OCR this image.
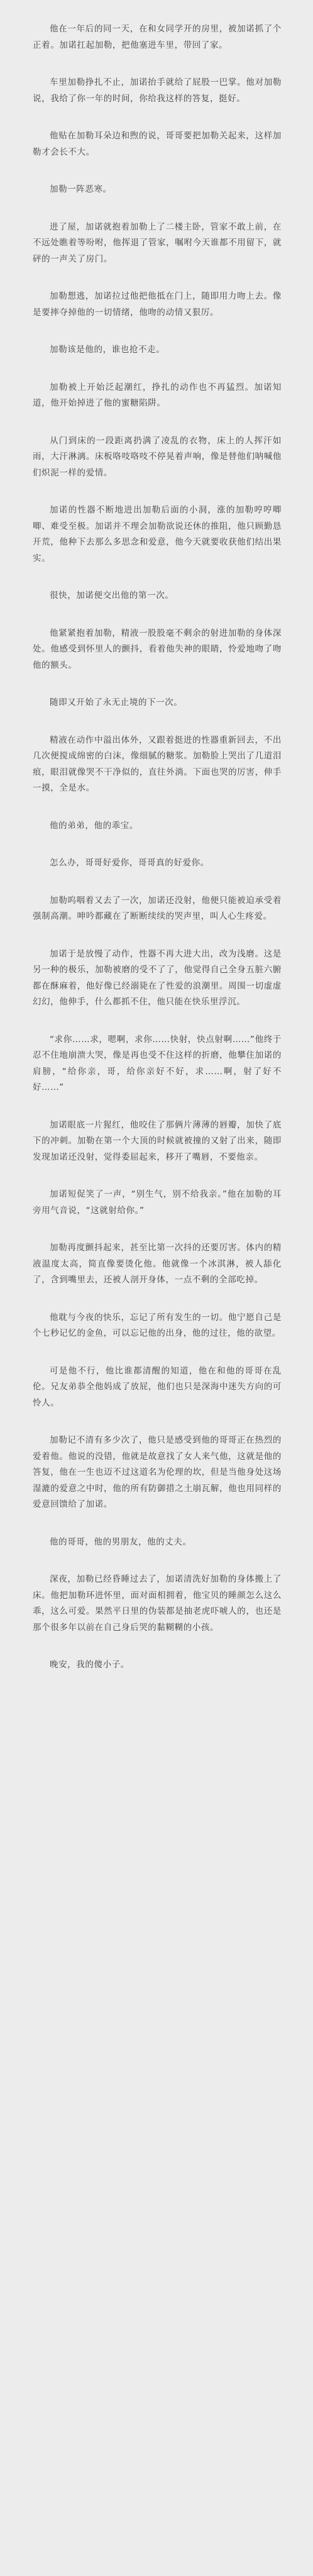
他在一年后的同一天，在和女同学开的房里，被加诺抓了个正着。加诺扛起加勒，把他塞进车里，带回了家。

车里加勒挣扎不止，加诺抬手就给了屁股一巴掌。他对加勒说，我给了你一年的时间，你给我这样的答复，挺好。

他贴在加勒耳朵边和煦的说，哥哥要把加勒关起来，这样加勒才会长不大。

加勒一阵恶寒。

进了屋，加诺就抱着加勒上了二楼主卧，管家不敢上前，在不远处瞧着等吩咐，他挥退了管家，嘱咐今天谁都不用留下，就砰的一声关了房门。

加勒想逃，加诺拉过他把他抵在门上，随即用力吻上去。像是要摔夺掉他的一切情绪，他吻的动情又狠厉。

加勒该是他的，谁也抢不走。

加勒被上开始泛起潮红，挣扎的动作也不再猛烈。加诺知道，他开始掉进了他的蜜糖陷阱。

从门到床的一段距离扔满了凌乱的衣物，床上的人挥汗如雨，大汗淋漓。床板咯吱咯吱不停晃着声响，像是替他们呐喊他们炽泥一样的爱情。

加诺的性器不断地进出加勒后面的小洞，涨的加勒哼哼唧唧、难受至极。加诺并不理会加勒欲说还休的推阻，他只顾勤恳开荒，他种下去那么多思念和爱意，他今天就要收获他们结出果实。

很快，加诺便交出他的第一次。

他紧紧抱着加勒，精液一股股毫不剩余的射进加勒的身体深处。他感受到怀里人的颤抖，看着他失神的眼睛，怜爱地吻了吻他的额头。

随即又开始了永无止境的下一次。

精液在动作中溢出体外，又跟着挺进的性器重新回去，不出几次便搅成绵密的白沫，像细腻的糖浆。加勒脸上哭出了几道泪痕，眼泪就像哭不干净似的，直往外淌。下面也哭的厉害，伸手一摸，全是水。

他的弟弟，他的乖宝。

怎么办，哥哥好爱你，哥哥真的好爱你。

加勒呜咽着又去了一次，加诺还没射，他便只能被迫承受着强制高潮。呻吟都藏在了断断续续的哭声里，叫人心生疼爱。

加诺于是放慢了动作，性器不再大进大出，改为浅磨。这是另一种的极乐，加勒被磨的受不了了，他觉得自己全身五脏六腑都在酥麻着，他好像已经溺毙在了性爱的浪潮里。周围一切虚虚幻幻，他伸手，什么都抓不住，他只能在快乐里浮沉。

“求你……求，嗯啊，求你……快射，快点射啊……”他终于忍不住地崩溃大哭，像是再也受不住这样的折磨，他攀住加诺的肩膀，“给你亲，哥，给你亲好不好，求……啊，射了好不好……”

加诺眼底一片猩红，他咬住了那俩片薄薄的唇瓣，加快了底下的冲刺。加勒在第一个大顶的时候就被撞的又射了出来，随即发现加诺还没射，觉得委屈起来，移开了嘴唇，不要他亲。

加诺短促笑了一声，“别生气，别不给我亲。”他在加勒的耳旁用气音说，“这就射给你。”

加勒再度颤抖起来，甚至比第一次抖的还要厉害。体内的精液温度太高，简直像要烫化他。他就像一个冰淇淋，被人舔化了，含到嘴里去，还被人剖开身体，一点不剩的全部吃掉。

他耽与今夜的快乐，忘记了所有发生的一切。他宁愿自己是个七秒记忆的金鱼，可以忘记他的出身，他的过往，他的欲望。

可是他不行，他比谁都清醒的知道，他在和他的哥哥在乱伦。兄友弟恭全他妈成了放屁，他们也只是深海中迷失方向的可怜人。

加勒记不清有多少次了，他只是感受到他的哥哥正在热烈的爱着他。他说的没错，他就是故意找了女人来气他，这就是他的答复，他在一生也迈不过这道名为伦理的坎，但是当他身处这场湿漉的爱意之中时，他的所有防御措之土崩瓦解，他也用同样的爱意回馈给了加诺。

他的哥哥，他的男朋友，他的丈夫。

深夜，加勒已经昏睡过去了，加诺清洗好加勒的身体搬上了床。他把加勒环进怀里，面对面相拥着，他宝贝的睡颜怎么这么乖，这么可爱。果然平日里的伪装都是抽老虎吓唬人的，也还是那个很多年以前在自己身后哭的黏糊糊的小孩。

晚安，我的傻小子。
